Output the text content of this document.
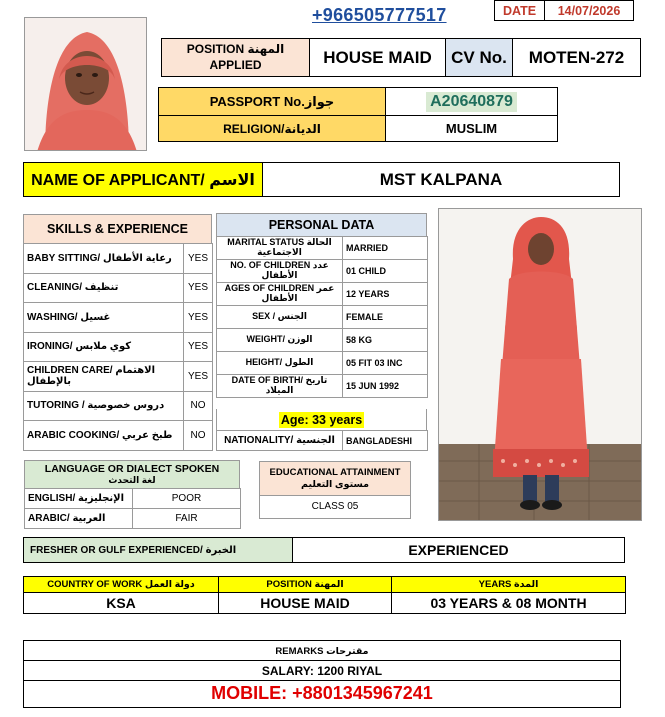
+966505777517	DATE	14/07/2026
POSITION المهنة APPLIED	HOUSE MAID	CV No.	MOTEN-272
PASSPORT No.جواز	A20640879
RELIGION/الديانة	MUSLIM
NAME OF APPLICANT/ الاسم	MST KALPANA
SKILLS & EXPERIENCE
BABY SITTING/ رعاية الأطفال	YES
CLEANING/ تنظيف	YES
WASHING/ غسيل	YES
IRONING/ كوي ملابس	YES
CHILDREN CARE/ الاهتمام بالإطفال	YES
TUTORING / دروس خصوصية	NO
ARABIC COOKING/ طبخ عربي	NO
PERSONAL DATA
MARITAL STATUS الحالة الاجتماعية	MARRIED
NO. OF CHILDREN عدد الأطفال	01 CHILD
AGES OF CHILDREN عمر الأطفال	12 YEARS
SEX / الجنس	FEMALE
WEIGHT/ الوزن	58 KG
HEIGHT/ الطول	05 FIT 03 INC
DATE OF BIRTH/ تاريخ الميلاد	15 JUN 1992
Age: 33 years
NATIONALITY/ الجنسية	BANGLADESHI
LANGUAGE OR DIALECT SPOKEN
لغة التحدث
ENGLISH/ الإنجليزية	POOR
ARABIC/ العربية	FAIR
EDUCATIONAL ATTAINMENT
مستوى التعليم
CLASS 05
FRESHER OR GULF EXPERIENCED/ الخبرة	EXPERIENCED
COUNTRY OF WORK دولة العمل	POSITION المهنة	YEARS المدة
KSA	HOUSE MAID	03 YEARS & 08 MONTH
REMARKS مقترحات
SALARY: 1200 RIYAL
MOBILE: +8801345967241
